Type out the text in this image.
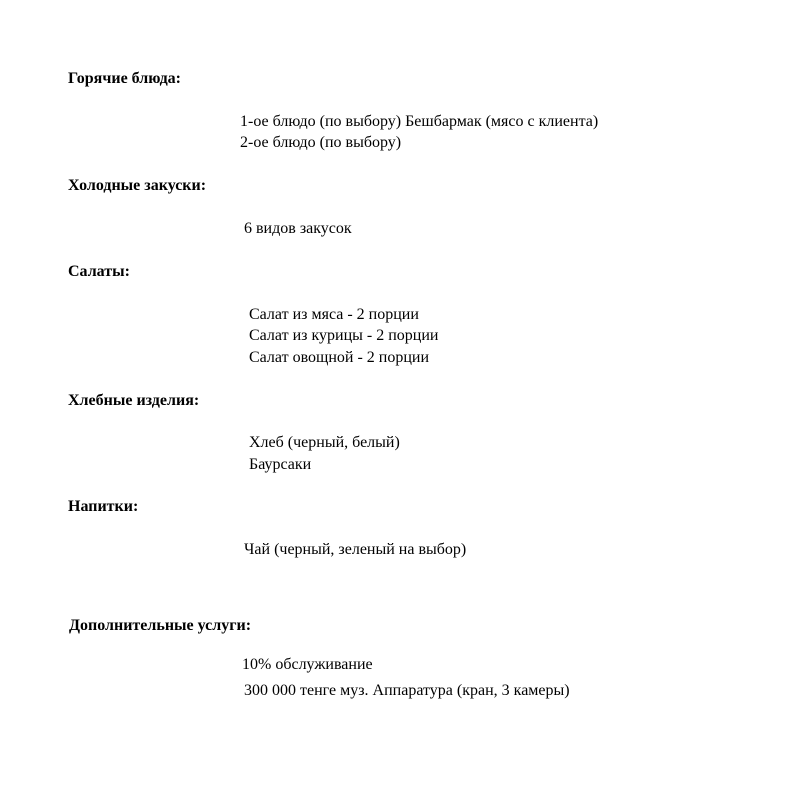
Горячие блюда:
1-ое блюдо (по выбору) Бешбармак (мясо с клиента)
2-ое блюдо (по выбору)
Холодные закуски:
6 видов закусок
Салаты:
Салат из мяса - 2 порции
Салат из курицы - 2 порции
Салат овощной - 2 порции
Хлебные изделия:
Хлеб (черный, белый)
Баурсаки
Напитки:
Чай (черный, зеленый на выбор)
Дополнительные услуги:
10% обслуживание
300 000 тенге муз. Аппаратура (кран, 3 камеры)
